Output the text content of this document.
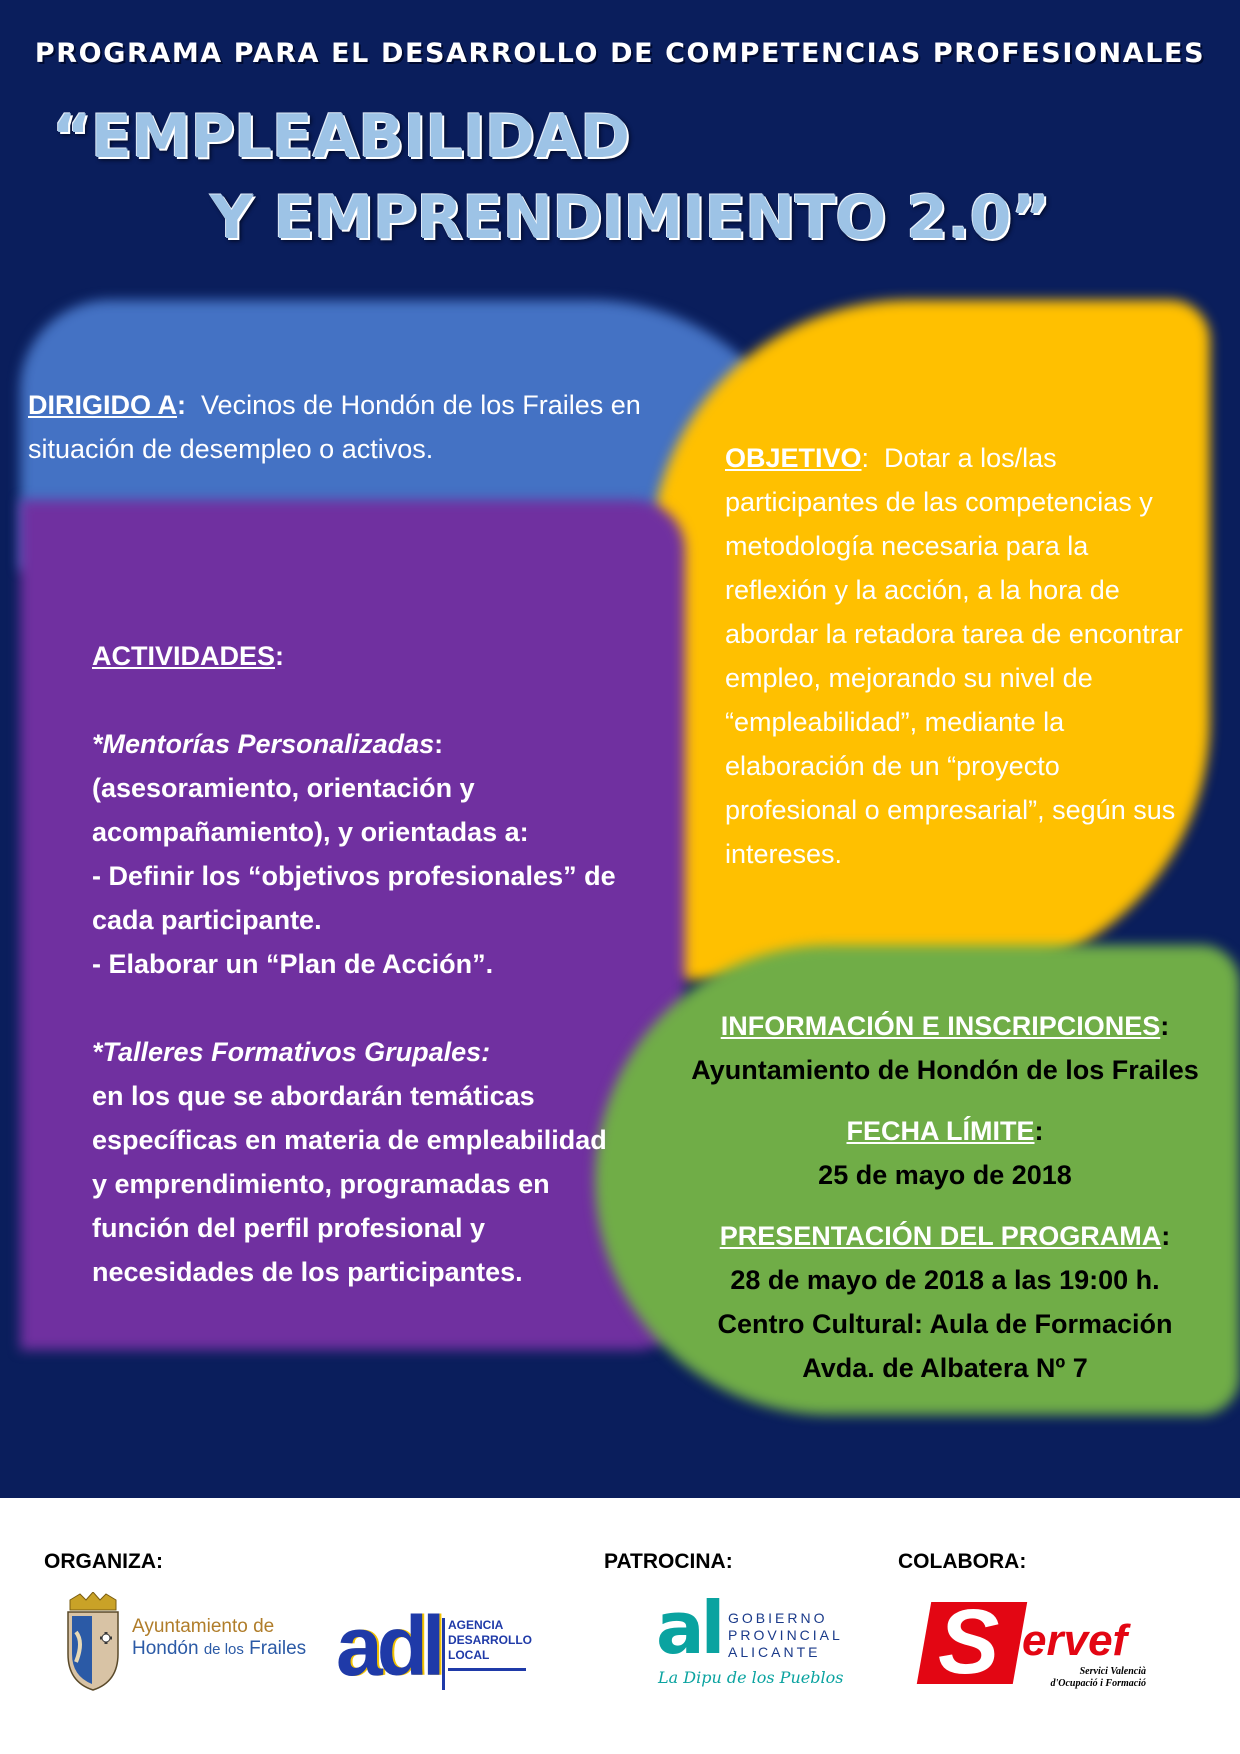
PROGRAMA PARA EL DESARROLLO DE COMPETENCIAS PROFESIONALES
“EMPLEABILIDAD
Y EMPRENDIMIENTO 2.0”
DIRIGIDO A: Vecinos de Hondón de los Frailes en situación de desempleo o activos.	OBJETIVO:  Dotar a los/las participantes de las competencias y metodología necesaria para la reflexión y la acción, a la hora de abordar la retadora tarea de encontrar empleo, mejorando su nivel de “empleabilidad”, mediante la elaboración de un “proyecto profesional o empresarial”, según sus intereses.
ACTIVIDADES:
*Mentorías Personalizadas:
(asesoramiento, orientación y acompañamiento), y orientadas a:
- Definir los “objetivos profesionales” de cada participante.
- Elaborar un “Plan de Acción”.
*Talleres Formativos Grupales:
en los que se abordarán temáticas específicas en materia de empleabilidad y emprendimiento, programadas en función del perfil profesional y necesidades de los participantes.
INFORMACIÓN E INSCRIPCIONES:
Ayuntamiento de Hondón de los Frailes
FECHA LÍMITE:
25 de mayo de 2018
PRESENTACIÓN DEL PROGRAMA:
28 de mayo de 2018 a las 19:00 h.
Centro Cultural: Aula de Formación
Avda. de Albatera Nº 7
ORGANIZA:	PATROCINA:	COLABORA:
Ayuntamiento de
Hondón de los Frailes adl AGENCIA
DESARROLLO
LOCAL	al GOBIERNO
PROVINCIAL
ALICANTE
La Dipu de los Pueblos S ervef
Servici Valencià
d'Ocupació i Formació
